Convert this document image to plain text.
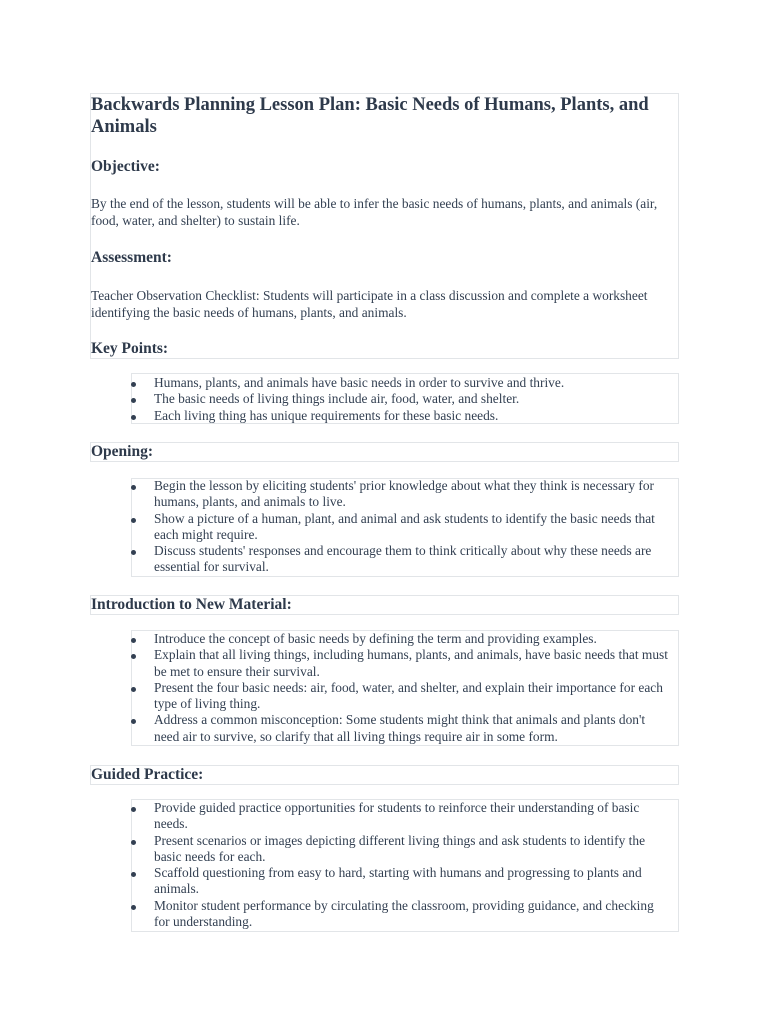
Backwards Planning Lesson Plan: Basic Needs of Humans, Plants, and Animals
Objective:

By the end of the lesson, students will be able to infer the basic needs of humans, plants, and animals (air, food, water, and shelter) to sustain life.

Assessment:

Teacher Observation Checklist: Students will participate in a class discussion and complete a worksheet identifying the basic needs of humans, plants, and animals.

Key Points:
Humans, plants, and animals have basic needs in order to survive and thrive.
The basic needs of living things include air, food, water, and shelter.
Each living thing has unique requirements for these basic needs.
Opening:
Begin the lesson by eliciting students' prior knowledge about what they think is necessary for humans, plants, and animals to live.
Show a picture of a human, plant, and animal and ask students to identify the basic needs that each might require.
Discuss students' responses and encourage them to think critically about why these needs are essential for survival.
Introduction to New Material:
Introduce the concept of basic needs by defining the term and providing examples.
Explain that all living things, including humans, plants, and animals, have basic needs that must be met to ensure their survival.
Present the four basic needs: air, food, water, and shelter, and explain their importance for each type of living thing.
Address a common misconception: Some students might think that animals and plants don't need air to survive, so clarify that all living things require air in some form.
Guided Practice:
Provide guided practice opportunities for students to reinforce their understanding of basic needs.
Present scenarios or images depicting different living things and ask students to identify the basic needs for each.
Scaffold questioning from easy to hard, starting with humans and progressing to plants and animals.
Monitor student performance by circulating the classroom, providing guidance, and checking for understanding.
